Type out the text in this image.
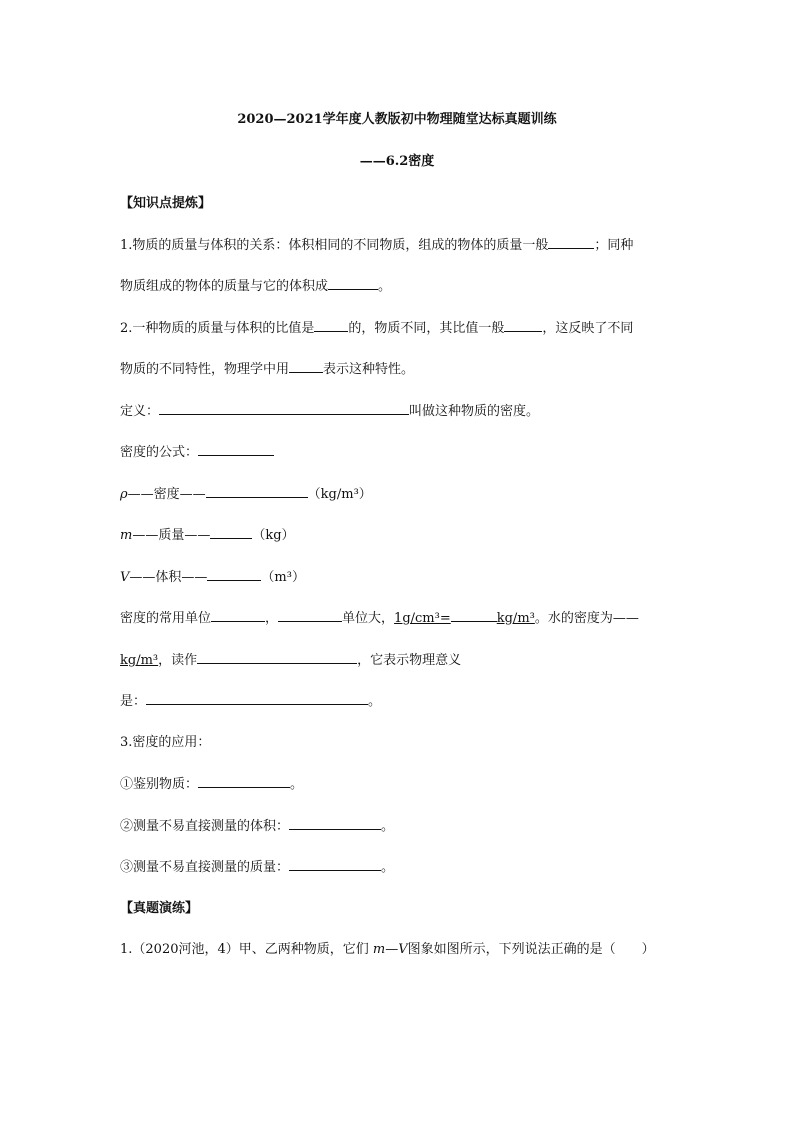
2020—2021学年度人教版初中物理随堂达标真题训练
——6.2密度
【知识点提炼】
1.物质的质量与体积的关系：体积相同的不同物质，组成的物体的质量一般	；同种
物质组成的物体的质量与它的体积成	。
2.一种物质的质量与体积的比值是	的，物质不同，其比值一般	，这反映了不同
物质的不同特性，物理学中用	表示这种特性。
定义：	叫做这种物质的密度。
密度的公式：
ρ——密度——	（kg/m³）
m——质量——	（kg）
V——体积——	（m³）
密度的常用单位	，	单位大，1g/cm³=	kg/m³。水的密度为——
kg/m³，读作	，它表示物理意义
是：	。
3.密度的应用：
①鉴别物质：	。
②测量不易直接测量的体积：	。
③测量不易直接测量的质量：	。
【真题演练】
1.（2020河池，4）甲、乙两种物质，它们 m—V图象如图所示，下列说法正确的是（　　）
